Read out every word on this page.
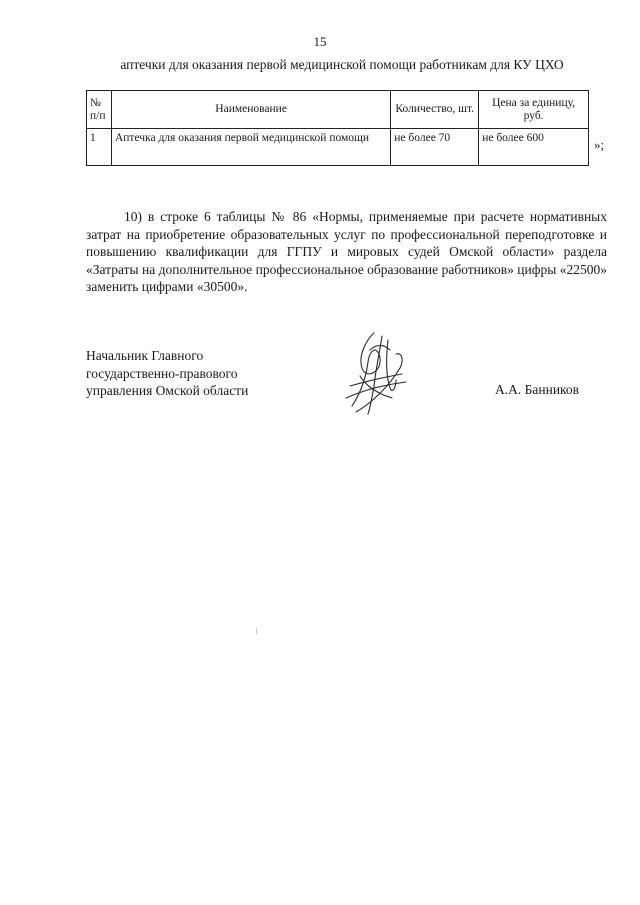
15
аптечки для оказания первой медицинской помощи работникам для КУ ЦХО
№ п/п	Наименование	Количество, шт.	Цена за единицу, руб.
1	Аптечка для оказания первой медицинской помощи	не более 70	не более 600	»;
10) в строке 6 таблицы № 86 «Нормы, применяемые при расчете нормативных затрат на приобретение образовательных услуг по профессиональной переподготовке и повышению квалификации для ГГПУ и мировых судей Омской области» раздела «Затраты на дополнительное профессиональное образование работников» цифры «22500» заменить цифрами «30500».
Начальник Главного
государственно-правового
управления Омской области	А.А. Банников
